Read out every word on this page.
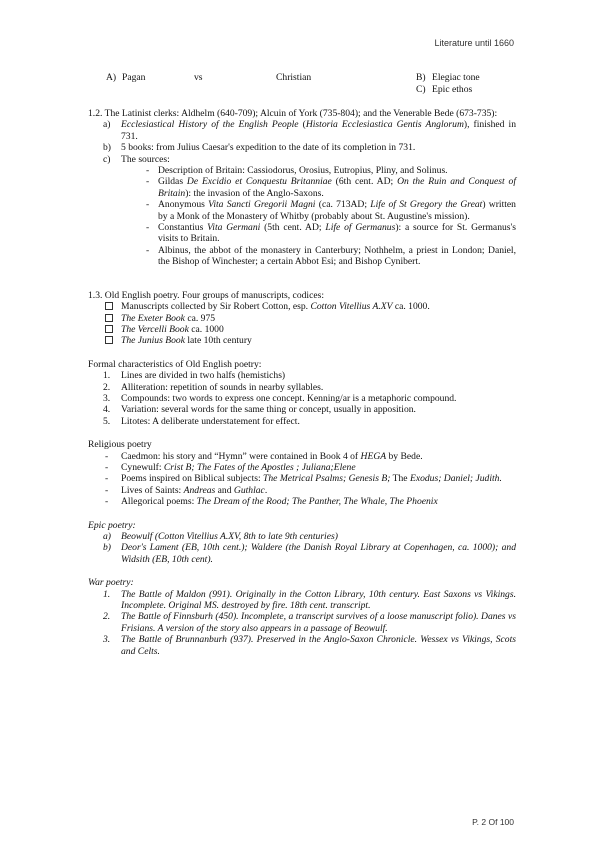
Literature until 1660
A) Pagan	vs	Christian	B) Elegiac tone
C) Epic ethos

1.2. The Latinist clerks: Aldhelm (640-709); Alcuin of York (735-804); and the Venerable Bede (673-735):

a) Ecclesiastical History of the English People (Historia Ecclesiastica Gentis Anglorum), finished in 731.
b) 5 books: from Julius Caesar's expedition to the date of its completion in 731.
c) The sources:
- Description of Britain: Cassiodorus, Orosius, Eutropius, Pliny, and Solinus.
- Gildas De Excidio et Conquestu Britanniae (6th cent. AD; On the Ruin and Conquest of Britain): the invasion of the Anglo-Saxons.
- Anonymous Vita Sancti Gregorii Magni (ca. 713AD; Life of St Gregory the Great) written by a Monk of the Monastery of Whitby (probably about St. Augustine's mission).
- Constantius Vita Germani (5th cent. AD; Life of Germanus): a source for St. Germanus's visits to Britain.
- Albinus, the abbot of the monastery in Canterbury; Nothhelm, a priest in London; Daniel, the Bishop of Winchester; a certain Abbot Esi; and Bishop Cynibert.

1.3. Old English poetry. Four groups of manuscripts, codices:

Manuscripts collected by Sir Robert Cotton, esp. Cotton Vitellius A.XV ca. 1000.
The Exeter Book ca. 975
The Vercelli Book ca. 1000
The Junius Book late 10th century

Formal characteristics of Old English poetry:

1. Lines are divided in two halfs (hemistichs)
2. Alliteration: repetition of sounds in nearby syllables.
3. Compounds: two words to express one concept. Kenning/ar is a metaphoric compound.
4. Variation: several words for the same thing or concept, usually in apposition.
5. Litotes: A deliberate understatement for effect.

Religious poetry

- Caedmon: his story and “Hymn” were contained in Book 4 of HEGA by Bede.
- Cynewulf: Crist B; The Fates of the Apostles ; Juliana;Elene
- Poems inspired on Biblical subjects: The Metrical Psalms; Genesis B; The Exodus; Daniel; Judith.
- Lives of Saints: Andreas and Guthlac.
- Allegorical poems: The Dream of the Rood; The Panther, The Whale, The Phoenix

Epic poetry:

a) Beowulf (Cotton Vitellius A.XV, 8th to late 9th centuries)
b) Deor's Lament (EB, 10th cent.); Waldere (the Danish Royal Library at Copenhagen, ca. 1000); and Widsith (EB, 10th cent).

War poetry:

1. The Battle of Maldon (991). Originally in the Cotton Library, 10th century. East Saxons vs Vikings. Incomplete. Original MS. destroyed by fire. 18th cent. transcript.
2. The Battle of Finnsburh (450). Incomplete, a transcript survives of a loose manuscript folio). Danes vs Frisians. A version of the story also appears in a passage of Beowulf.
3. The Battle of Brunnanburh (937). Preserved in the Anglo-Saxon Chronicle. Wessex vs Vikings, Scots and Celts.
P. 2 Of 100
